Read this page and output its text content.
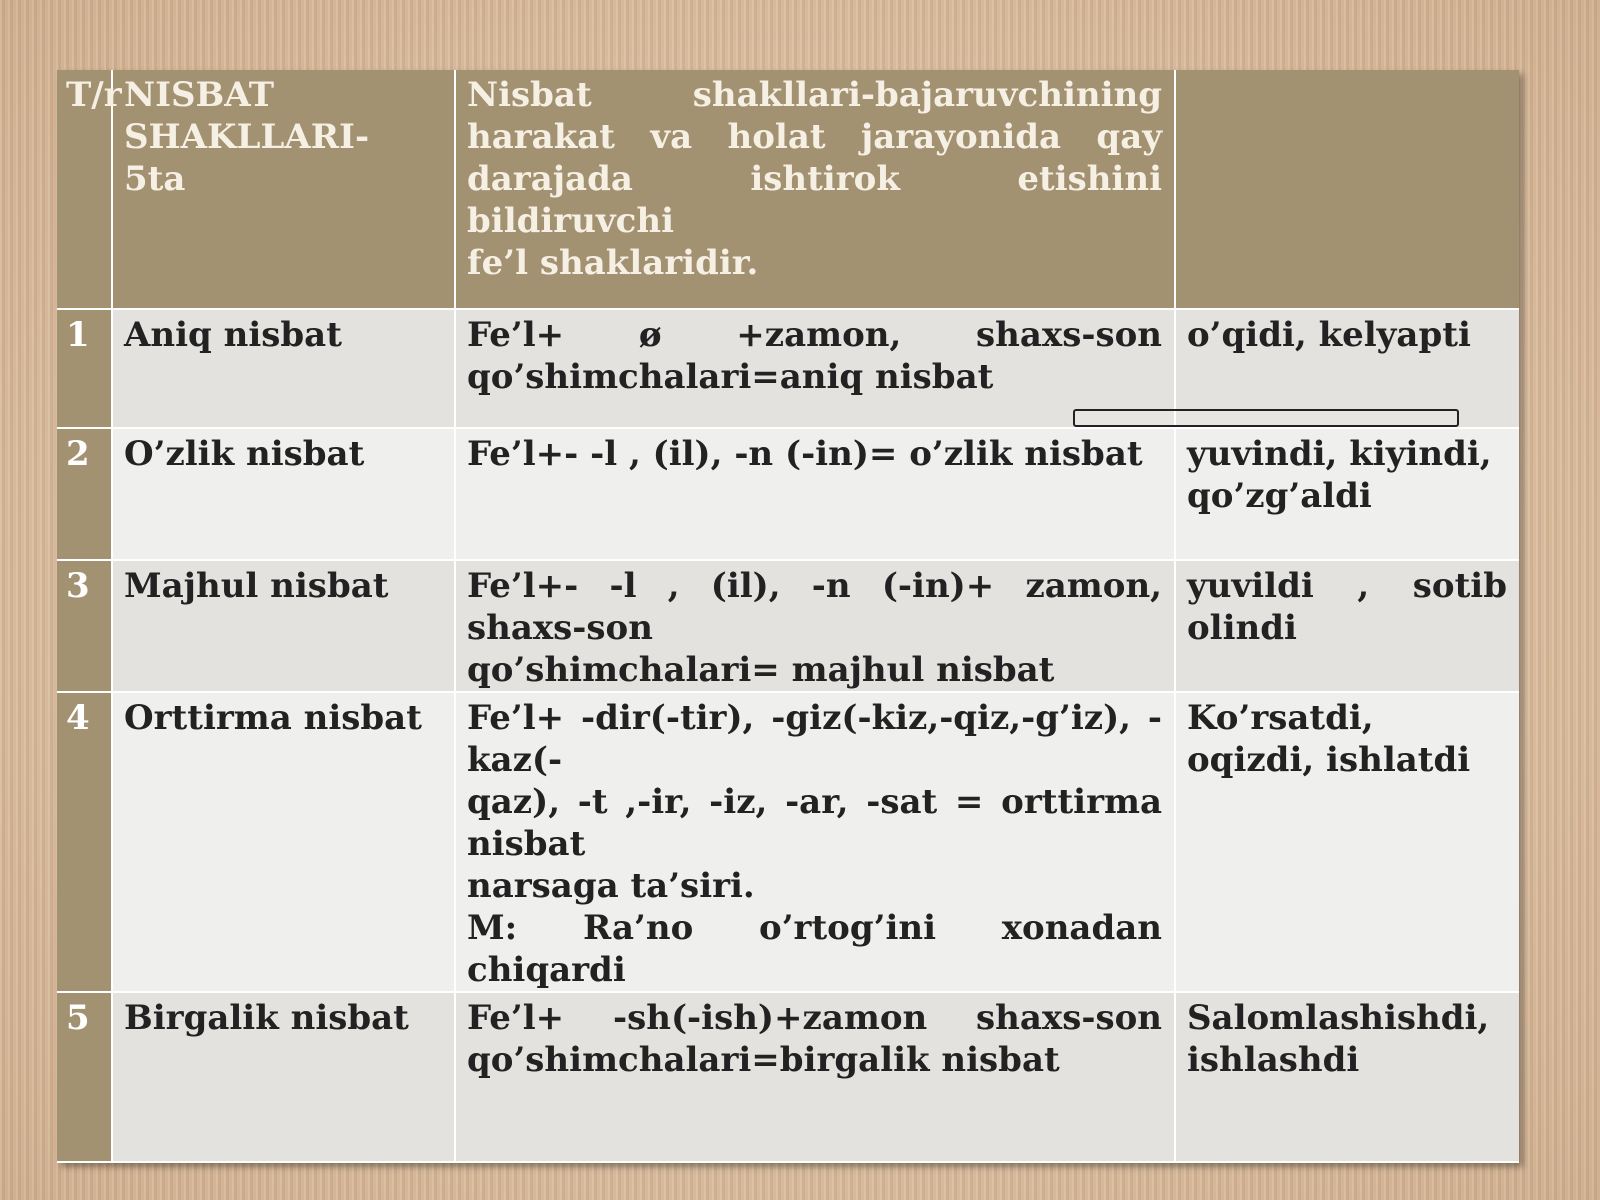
T/r	NISBAT SHAKLLARI- 5ta	Nisbat shakllari-bajaruvchining
harakat va holat jarayonida qay
darajada ishtirok etishini bildiruvchi
fe’l shaklaridir.	

1	Aniq nisbat	Fe’l+ ø +zamon, shaxs-son
qo’shimchalari=aniq nisbat	o’qidi, kelyapti

2	O’zlik nisbat	Fe’l+- -l , (il), -n (-in)= o’zlik nisbat	yuvindi, kiyindi,
qo’zg’aldi

3	Majhul nisbat	Fe’l+- -l , (il), -n (-in)+ zamon, shaxs-son
qo’shimchalari= majhul nisbat	yuvildi , sotib
olindi

4	Orttirma nisbat	Fe’l+ -dir(-tir), -giz(-kiz,-qiz,-g’iz), -kaz(-
qaz), -t ,-ir, -iz, -ar, -sat = orttirma
nisbat
narsaga ta’siri.
M: Ra’no o’rtog’ini xonadan chiqardi	Ko’rsatdi,
oqizdi, ishlatdi

5	Birgalik nisbat	Fe’l+ -sh(-ish)+zamon shaxs-son
qo’shimchalari=birgalik nisbat	Salomlashishdi,
ishlashdi
